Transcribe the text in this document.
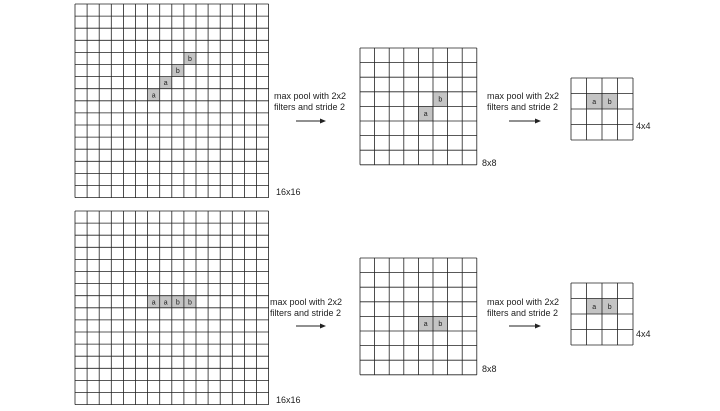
b
b
a
a
16x16
b
a
8x8
a b
4x4
max pool with 2x2
filters and stride 2
max pool with 2x2
filters and stride 2
a a b b
16x16
a b
8x8
a b
4x4
max pool with 2x2
filters and stride 2
max pool with 2x2
filters and stride 2
